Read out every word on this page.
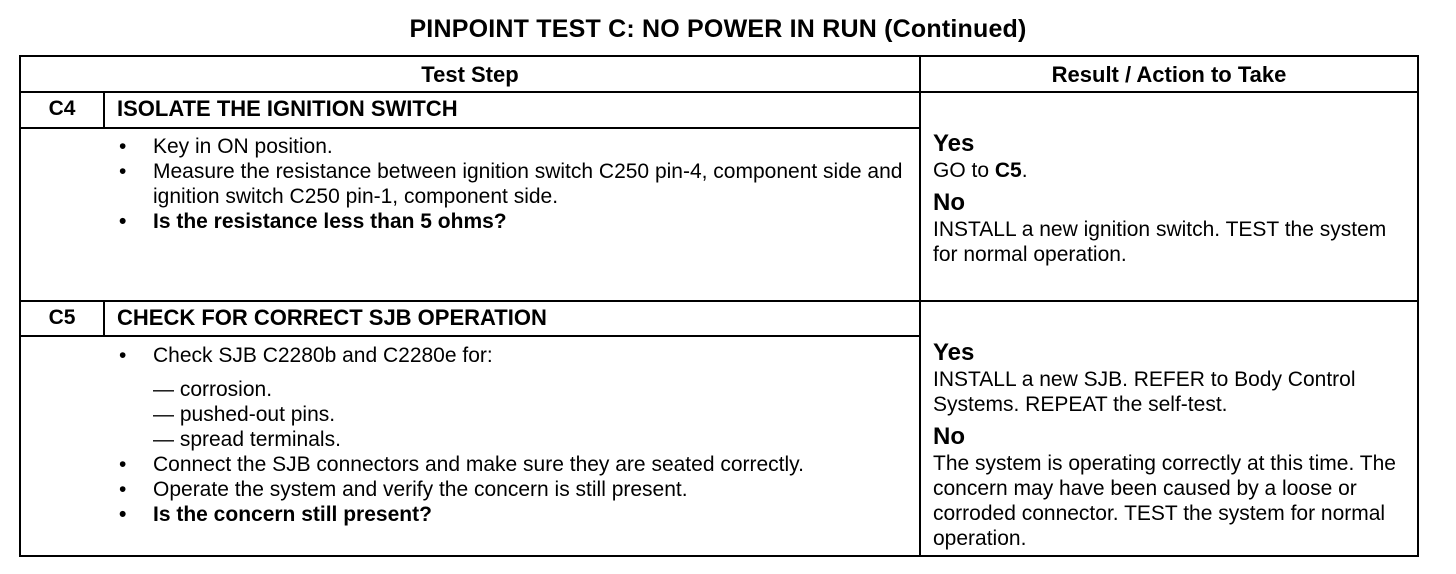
PINPOINT TEST C: NO POWER IN RUN (Continued)
Test Step	Result / Action to Take
C4	ISOLATE THE IGNITION SWITCH
• Key in ON position.
• Measure the resistance between ignition switch C250 pin-4, component side and ignition switch C250 pin-1, component side.
• Is the resistance less than 5 ohms?
Yes
GO to C5.
No
INSTALL a new ignition switch. TEST the system for normal operation.
C5	CHECK FOR CORRECT SJB OPERATION
• Check SJB C2280b and C2280e for:
— corrosion.
— pushed-out pins.
— spread terminals.
• Connect the SJB connectors and make sure they are seated correctly.
• Operate the system and verify the concern is still present.
• Is the concern still present?
Yes
INSTALL a new SJB. REFER to Body Control Systems. REPEAT the self-test.
No
The system is operating correctly at this time. The concern may have been caused by a loose or corroded connector. TEST the system for normal operation.
